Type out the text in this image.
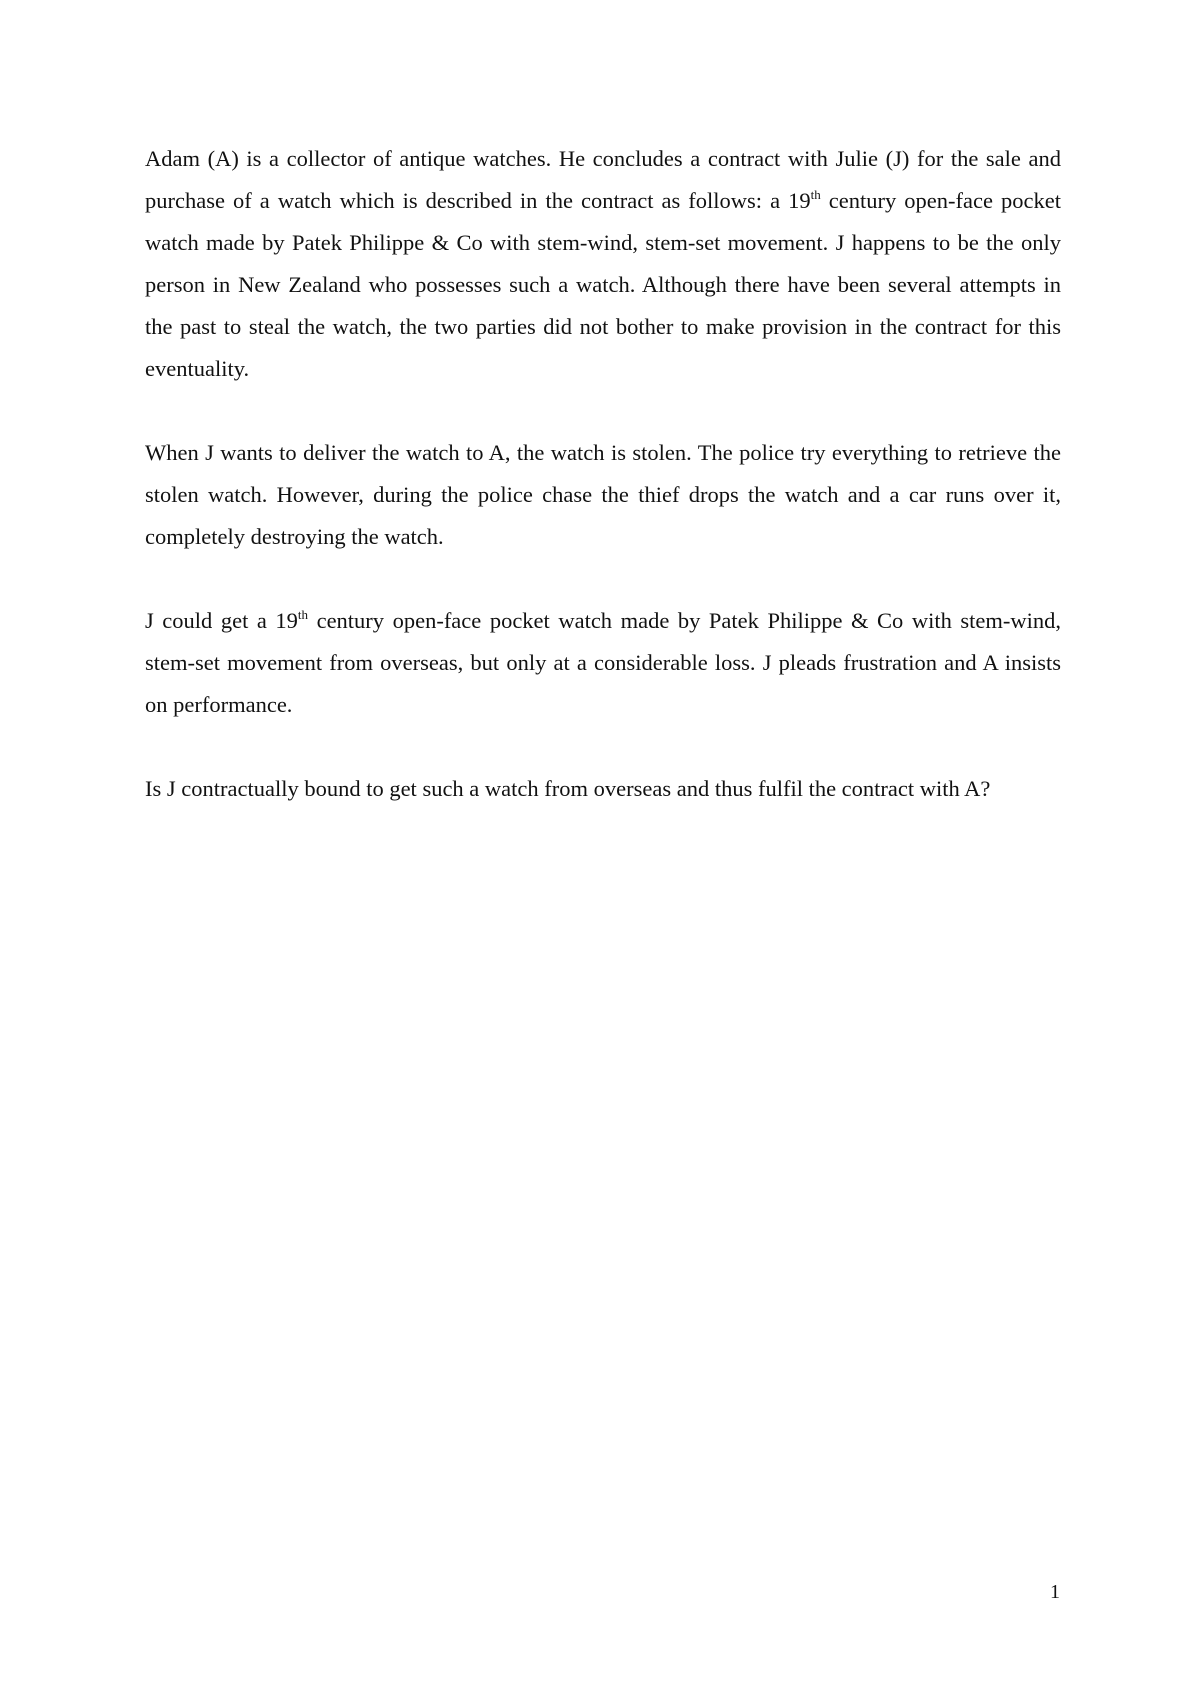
Adam (A) is a collector of antique watches. He concludes a contract with Julie (J) for the sale and purchase of a watch which is described in the contract as follows: a 19th century open-face pocket watch made by Patek Philippe & Co with stem-wind, stem-set movement. J happens to be the only person in New Zealand who possesses such a watch. Although there have been several attempts in the past to steal the watch, the two parties did not bother to make provision in the contract for this eventuality.

When J wants to deliver the watch to A, the watch is stolen. The police try everything to retrieve the stolen watch. However, during the police chase the thief drops the watch and a car runs over it, completely destroying the watch.

J could get a 19th century open-face pocket watch made by Patek Philippe & Co with stem-wind, stem-set movement from overseas, but only at a considerable loss. J pleads frustration and A insists on performance.

Is J contractually bound to get such a watch from overseas and thus fulfil the contract with A?

1
